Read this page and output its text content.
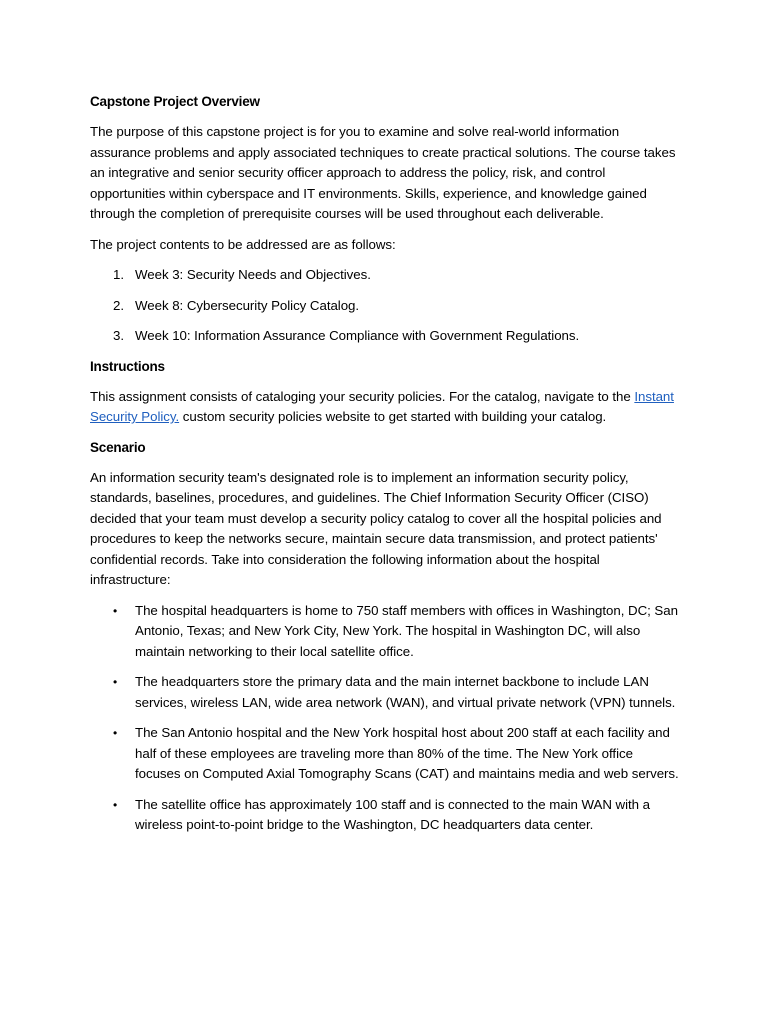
Capstone Project Overview

The purpose of this capstone project is for you to examine and solve real-world information assurance problems and apply associated techniques to create practical solutions. The course takes an integrative and senior security officer approach to address the policy, risk, and control opportunities within cyberspace and IT environments. Skills, experience, and knowledge gained through the completion of prerequisite courses will be used throughout each deliverable.

The project contents to be addressed are as follows:

1. Week 3: Security Needs and Objectives.
2. Week 8: Cybersecurity Policy Catalog.
3. Week 10: Information Assurance Compliance with Government Regulations.
Instructions

This assignment consists of cataloging your security policies. For the catalog, navigate to the Instant Security Policy. custom security policies website to get started with building your catalog.

Scenario

An information security team's designated role is to implement an information security policy, standards, baselines, procedures, and guidelines. The Chief Information Security Officer (CISO) decided that your team must develop a security policy catalog to cover all the hospital policies and procedures to keep the networks secure, maintain secure data transmission, and protect patients' confidential records. Take into consideration the following information about the hospital infrastructure:

• The hospital headquarters is home to 750 staff members with offices in Washington, DC; San Antonio, Texas; and New York City, New York. The hospital in Washington DC, will also maintain networking to their local satellite office.
• The headquarters store the primary data and the main internet backbone to include LAN services, wireless LAN, wide area network (WAN), and virtual private network (VPN) tunnels.
• The San Antonio hospital and the New York hospital host about 200 staff at each facility and half of these employees are traveling more than 80% of the time. The New York office focuses on Computed Axial Tomography Scans (CAT) and maintains media and web servers.
• The satellite office has approximately 100 staff and is connected to the main WAN with a wireless point-to-point bridge to the Washington, DC headquarters data center.
